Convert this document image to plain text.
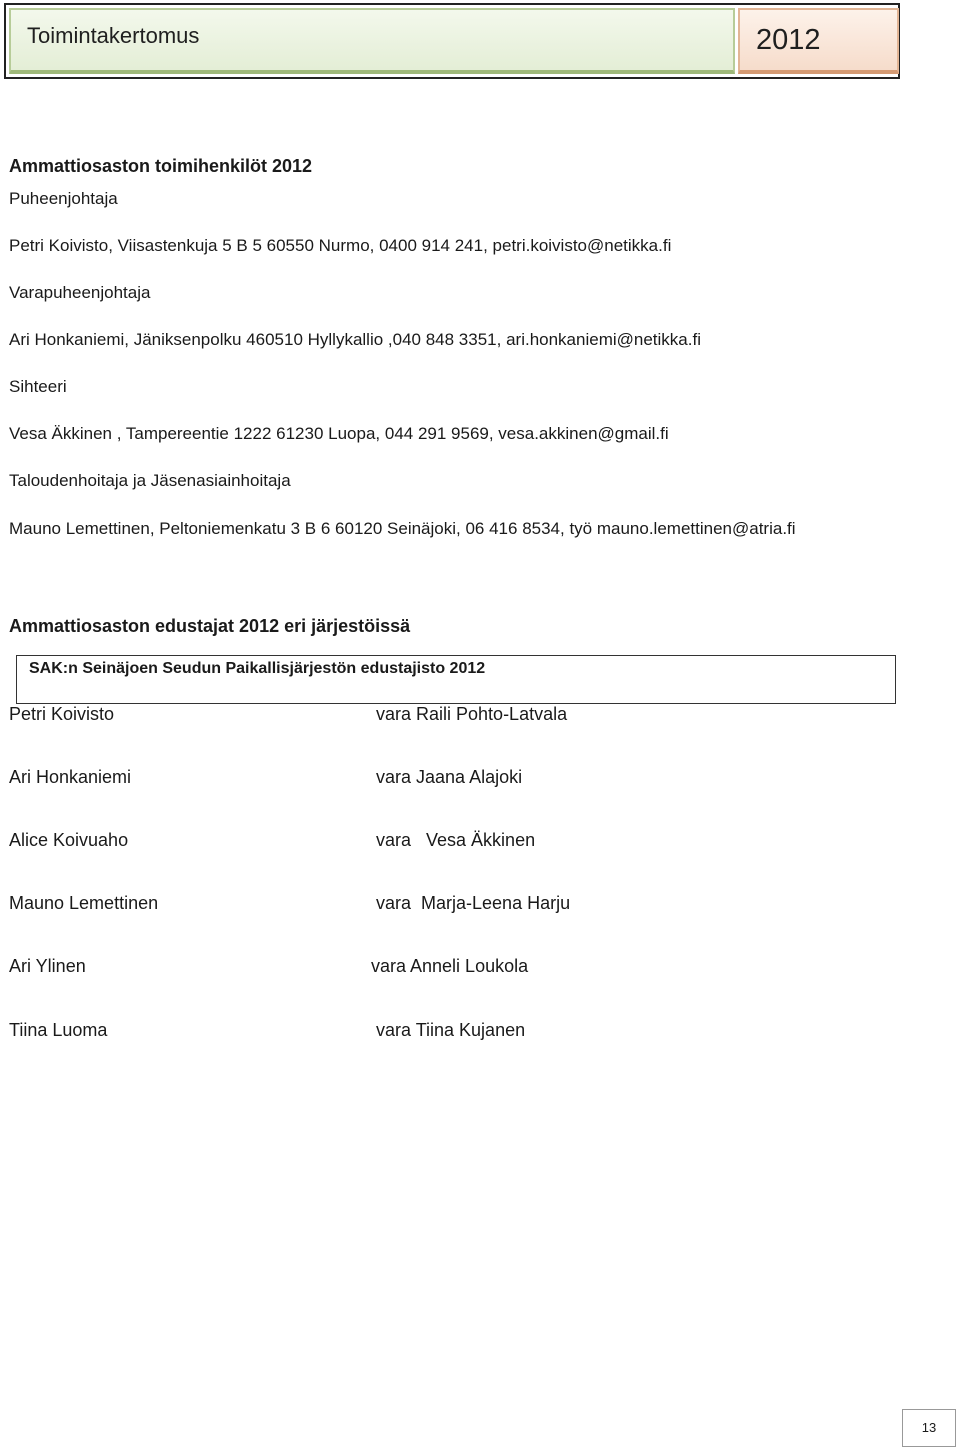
Toimintakertomus	2012
Ammattiosaston toimihenkilöt 2012
Puheenjohtaja
Petri Koivisto, Viisastenkuja 5 B 5 60550 Nurmo, 0400 914 241, petri.koivisto@netikka.fi
Varapuheenjohtaja
Ari Honkaniemi, Jäniksenpolku 460510 Hyllykallio ,040 848 3351, ari.honkaniemi@netikka.fi
Sihteeri
Vesa Äkkinen , Tampereentie 1222 61230 Luopa, 044 291 9569, vesa.akkinen@gmail.fi
Taloudenhoitaja ja Jäsenasiainhoitaja
Mauno Lemettinen, Peltoniemenkatu 3 B 6 60120 Seinäjoki, 06 416 8534, työ mauno.lemettinen@atria.fi
Ammattiosaston edustajat 2012 eri järjestöissä
SAK:n Seinäjoen Seudun Paikallisjärjestön edustajisto 2012
Petri Koivisto	vara Raili Pohto-Latvala
Ari Honkaniemi	vara Jaana Alajoki
Alice Koivuaho	vara   Vesa Äkkinen
Mauno Lemettinen	vara  Marja-Leena Harju
Ari Ylinen	vara Anneli Loukola
Tiina Luoma	vara Tiina Kujanen
13
